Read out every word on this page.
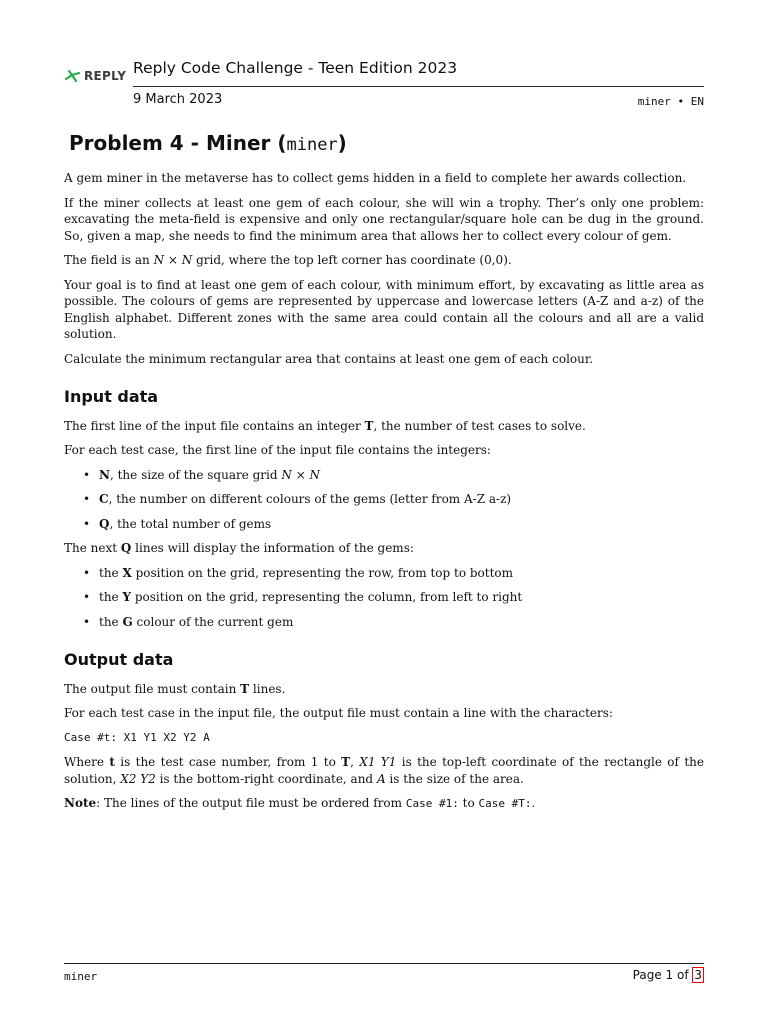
REPLY Reply Code Challenge - Teen Edition 2023
9 March 2023	miner • EN
Problem 4 - Miner (miner)

A gem miner in the metaverse has to collect gems hidden in a field to complete her awards collection.

If the miner collects at least one gem of each colour, she will win a trophy. Ther’s only one problem: excavating the meta-field is expensive and only one rectangular/square hole can be dug in the ground. So, given a map, she needs to find the minimum area that allows her to collect every colour of gem.

The field is an N × N grid, where the top left corner has coordinate (0,0).

Your goal is to find at least one gem of each colour, with minimum effort, by excavating as little area as possible. The colours of gems are represented by uppercase and lowercase letters (A-Z and a-z) of the English alphabet. Different zones with the same area could contain all the colours and all are a valid solution.

Calculate the minimum rectangular area that contains at least one gem of each colour.

Input data

The first line of the input file contains an integer T, the number of test cases to solve.

For each test case, the first line of the input file contains the integers:

• N, the size of the square grid N × N
• C, the number on different colours of the gems (letter from A-Z a-z)
• Q, the total number of gems

The next Q lines will display the information of the gems:

• the X position on the grid, representing the row, from top to bottom
• the Y position on the grid, representing the column, from left to right
• the G colour of the current gem
Output data

The output file must contain T lines.

For each test case in the input file, the output file must contain a line with the characters:

Case #t: X1 Y1 X2 Y2 A

Where t is the test case number, from 1 to T, X1 Y1 is the top-left coordinate of the rectangle of the solution, X2 Y2 is the bottom-right coordinate, and A is the size of the area.

Note: The lines of the output file must be ordered from Case #1: to Case #T:.

miner	Page 1 of 3
